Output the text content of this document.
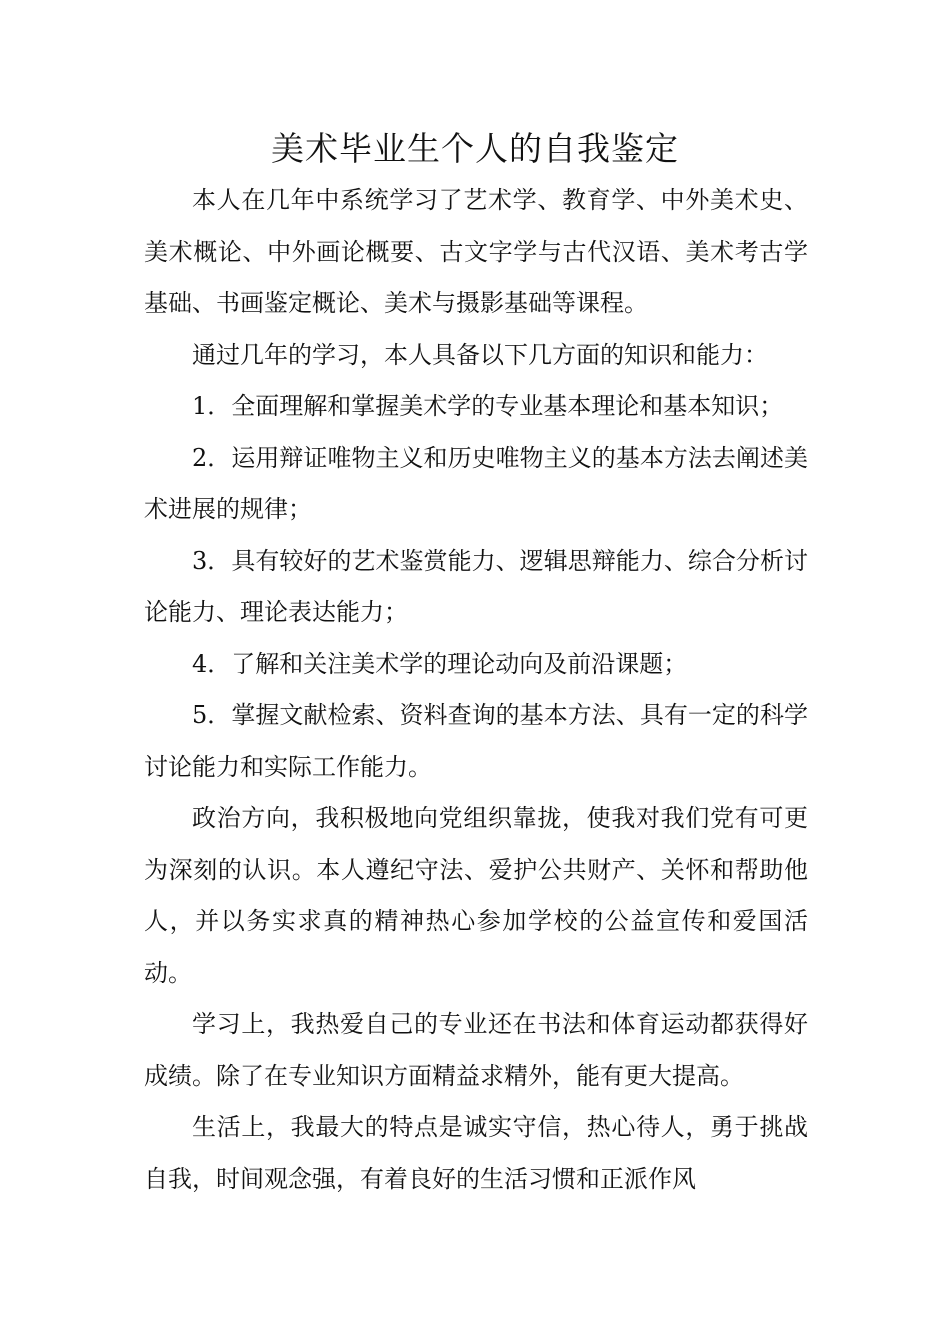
美术毕业生个人的自我鉴定

本人在几年中系统学习了艺术学、教育学、中外美术史、美术概论、中外画论概要、古文字学与古代汉语、美术考古学基础、书画鉴定概论、美术与摄影基础等课程。

通过几年的学习，本人具备以下几方面的知识和能力：

1．全面理解和掌握美术学的专业基本理论和基本知识；

2．运用辩证唯物主义和历史唯物主义的基本方法去阐述美术进展的规律；

3．具有较好的艺术鉴赏能力、逻辑思辩能力、综合分析讨论能力、理论表达能力；

4．了解和关注美术学的理论动向及前沿课题；

5．掌握文献检索、资料查询的基本方法、具有一定的科学讨论能力和实际工作能力。

政治方向，我积极地向党组织靠拢，使我对我们党有可更为深刻的认识。本人遵纪守法、爱护公共财产、关怀和帮助他人，并以务实求真的精神热心参加学校的公益宣传和爱国活动。

学习上，我热爱自己的专业还在书法和体育运动都获得好成绩。除了在专业知识方面精益求精外，能有更大提高。

生活上，我最大的特点是诚实守信，热心待人，勇于挑战自我，时间观念强，有着良好的生活习惯和正派作风
